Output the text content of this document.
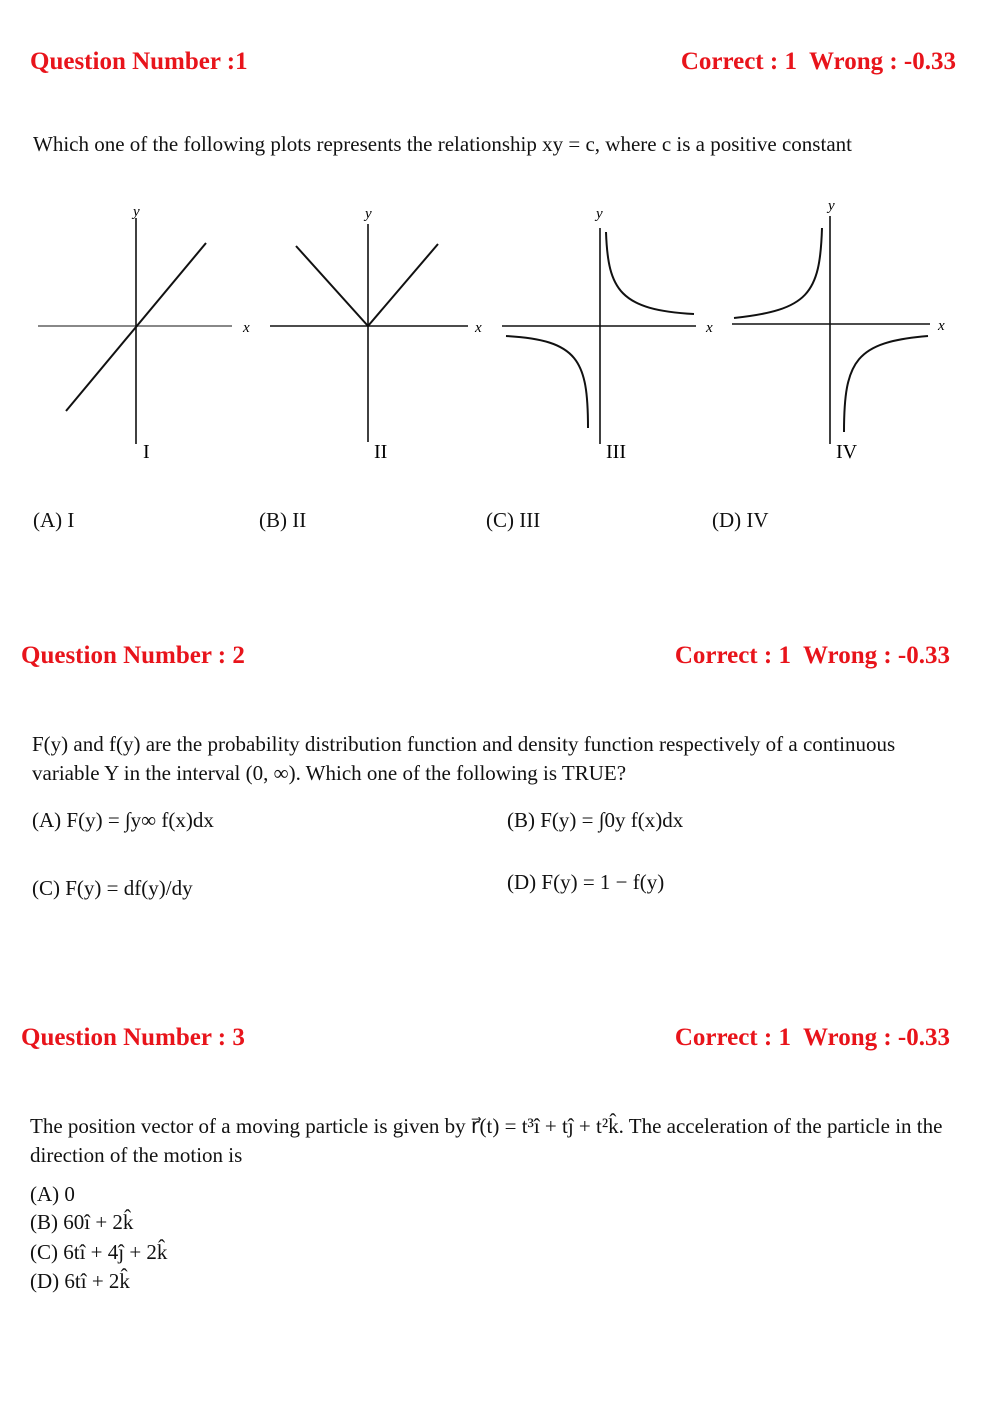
Question Number :1	Correct : 1  Wrong : -0.33
Which one of the following plots represents the relationship xy = c, where c is a positive constant
y
x
y
x
y
x
y
x
I	II	III	IV
(A) I	(B) II	(C) III	(D) IV
Question Number : 2	Correct : 1  Wrong : -0.33
F(y) and f(y) are the probability distribution function and density function respectively of a continuous variable Y in the interval (0, ∞). Which one of the following is TRUE?
(A) F(y) = ∫y∞ f(x)dx	(B) F(y) = ∫0y f(x)dx
(C) F(y) = df(y)/dy	(D) F(y) = 1 − f(y)
Question Number : 3	Correct : 1  Wrong : -0.33
The position vector of a moving particle is given by r⃗(t) = t³î + tĵ + t²k̂. The acceleration of the particle in the direction of the motion is
(A) 0
(B) 60î + 2k̂
(C) 6tî + 4ĵ + 2k̂
(D) 6tî + 2k̂
